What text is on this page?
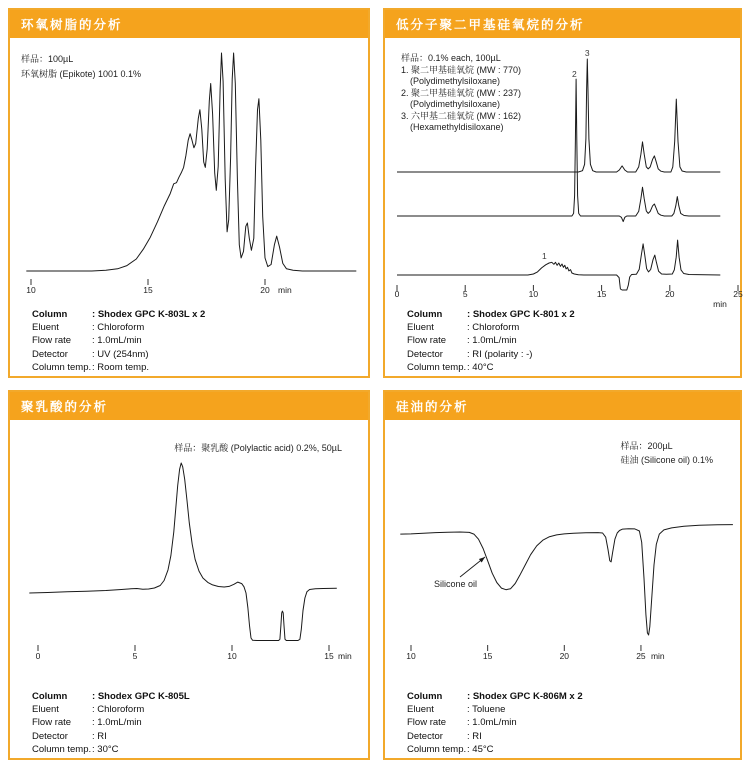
环氧树脂的分析
10	15	20 min
样品：100µL
环氧树脂 (Epikote) 1001 0.1%
Column	: Shodex GPC K-803L x 2
Eluent	: Chloroform
Flow rate	: 1.0mL/min
Detector	: UV (254nm)
Column temp. : Room temp.
低分子聚二甲基硅氧烷的分析
0	5	10	15	20	25
min
3
2
1
样品：0.1% each, 100µL
1. 聚二甲基硅氧烷 (MW : 770)
(Polydimethylsiloxane)
2. 聚二甲基硅氧烷 (MW : 237)
(Polydimethylsiloxane)
3. 六甲基二硅氧烷 (MW : 162)
(Hexamethyldisiloxane)
Column	: Shodex GPC K-801 x 2
Eluent	: Chloroform
Flow rate	: 1.0mL/min
Detector	: RI (polarity : -)
Column temp. : 40°C
聚乳酸的分析
0	5	10	15 min
样品：聚乳酸 (Polylactic acid) 0.2%, 50µL
Column	: Shodex GPC K-805L
Eluent	: Chloroform
Flow rate	: 1.0mL/min
Detector	: RI
Column temp. : 30°C
硅油的分析
10	15	20	25 min
Silicone oil
样品：200µL
硅油 (Silicone oil) 0.1%
Column	: Shodex GPC K-806M x 2
Eluent	: Toluene
Flow rate	: 1.0mL/min
Detector	: RI
Column temp. : 45°C
